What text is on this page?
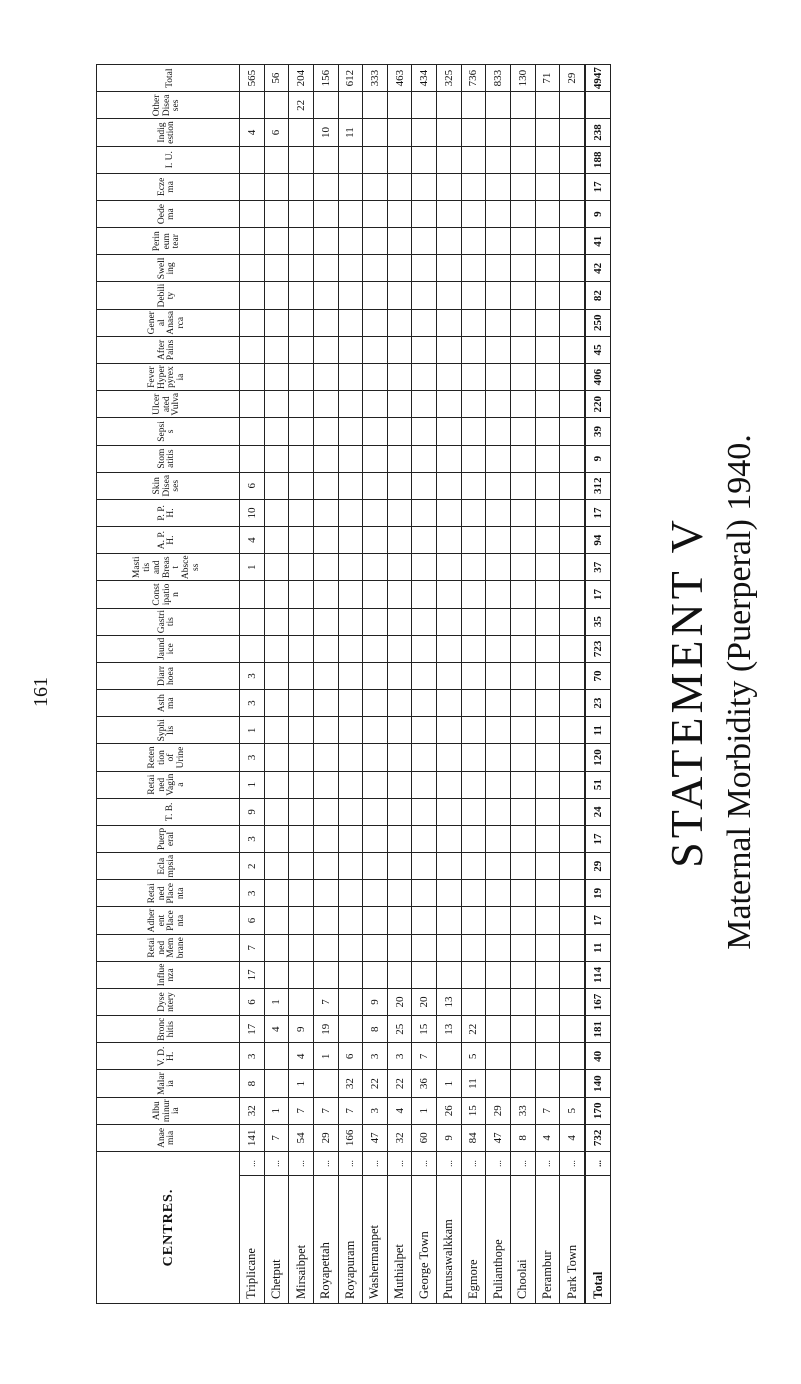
161
CENTRES.		Anaemia	Albuminuria	Malaria	V. D. H.	Bronchitis	Dysentery	Influenza	Retained Membrane	Adherent Placenta	Retained Placenta	Eclampsia	Puerperal	T. B.	Retained Vagina	Retention of Urine	Syphilis	Asthma	Diarrhoea	Jaundice	Gastritis	Constipation	Mastitis and Breast Abscess	A. P. H.	P. P. H.	Skin Diseases	Stomatitis	Sepsis	Ulcerated Vulva	Fever Hyperpyrexia	After Pains	General Anasarca	Debility	Swelling	Perineum tear	Oedema	Eczema	I. U.	Indigestion	Other Diseases	Total
Triplicane	...	141	32	8	3	17	6	17	7	6	3	2	3	9	1	3	1	3	3				1	4	10	6													4		565
Chetput	...	7	1			4	1																																6		56
Mirsaibpet	...	54	7	1	4	9																																		22	204
Royapettah	...	29	7		1	19	7																																10		156
Royapuram	...	166	7	32	6																																		11		612
Washermanpet	...	47	3	22	3	8	9																																		333
Muthialpet	...	32	4	22	3	25	20																																		463
George Town	...	60	1	36	7	15	20																																		434
Purusawalkkam	...	9	26	1		13	13																																		325
Egmore	...	84	15	11	5	22																																			736
Pulianthope	...	47	29																																						833
Choolai	...	8	33																																						130
Perambur	...	4	7																																						71
Park Town	...	4	5																																						29
Total	...	732	170	140	40	181	167	114	11	17	19	29	17	24	51	120	11	23	70	723	35	17	37	94	17	312	9	39	220	406	45	250	82	42	41	9	17	188	238		4947
STATEMENT V Maternal Morbidity (Puerperal) 1940.
